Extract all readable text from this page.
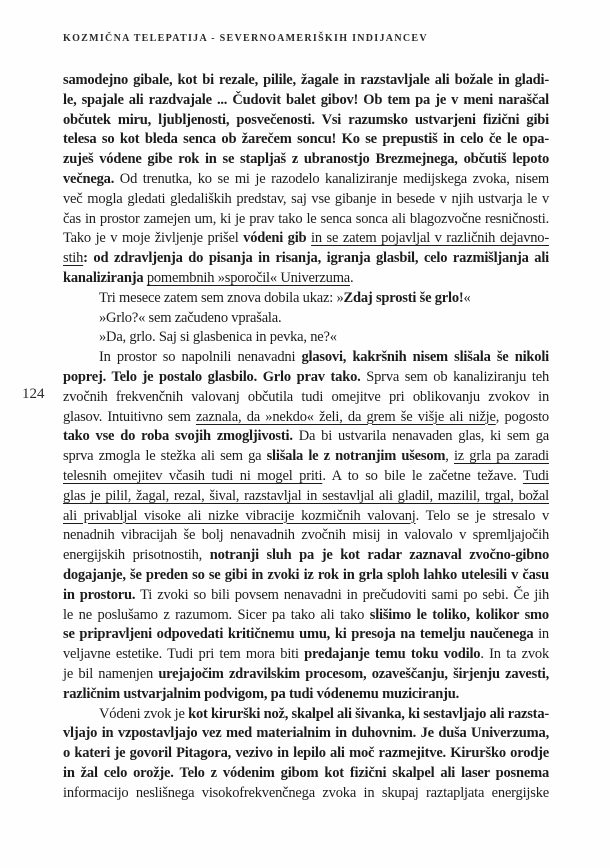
KOZMIČNA TELEPATIJA - SEVERNOAMERIŠKIH INDIJANCEV
124
samodejno gibale, kot bi rezale, pilile, žagale in razstavljale ali božale in gladi-
le, spajale ali razdvajale ... Čudovit balet gibov! Ob tem pa je v meni naraščal
občutek miru, ljubljenosti, posvečenosti. Vsi razumsko ustvarjeni fizični gibi
telesa so kot bleda senca ob žarečem soncu! Ko se prepustiš in celo če le opa-
zuješ vódene gibe rok in se stapljaš z ubranostjo Brezmejnega, občutiš lepoto
večnega. Od trenutka, ko se mi je razodelo kanaliziranje medijskega zvoka, nisem
več mogla gledati gledaliških predstav, saj vse gibanje in besede v njih ustvarja le v
čas in prostor zamejen um, ki je prav tako le senca sonca ali blagozvočne resničnosti.
Tako je v moje življenje prišel vódeni gib in se zatem pojavljal v različnih dejavno-
stih: od zdravljenja do pisanja in risanja, igranja glasbil, celo razmišljanja ali
kanaliziranja pomembnih »sporočil« Univerzuma.
Tri mesece zatem sem znova dobila ukaz: »Zdaj sprosti še grlo!«
»Grlo?« sem začudeno vprašala.
»Da, grlo. Saj si glasbenica in pevka, ne?«
In prostor so napolnili nenavadni glasovi, kakršnih nisem slišala še nikoli
poprej. Telo je postalo glasbilo. Grlo prav tako. Sprva sem ob kanaliziranju teh
zvočnih frekvenčnih valovanj občutila tudi omejitve pri oblikovanju zvokov in
glasov. Intuitivno sem zaznala, da »nekdo« želi, da grem še višje ali nižje, pogosto
tako vse do roba svojih zmogljivosti. Da bi ustvarila nenavaden glas, ki sem ga
sprva zmogla le stežka ali sem ga slišala le z notranjim ušesom, iz grla pa zaradi
telesnih omejitev včasih tudi ni mogel priti. A to so bile le začetne težave. Tudi
glas je pilil, žagal, rezal, šival, razstavljal in sestavljal ali gladil, mazilil, trgal, božal
ali privabljal visoke ali nizke vibracije kozmičnih valovanj. Telo se je stresalo v
nenadnih vibracijah še bolj nenavadnih zvočnih misij in valovalo v spremljajočih
energijskih prisotnostih, notranji sluh pa je kot radar zaznaval zvočno-gibno
dogajanje, še preden so se gibi in zvoki iz rok in grla sploh lahko utelesili v času
in prostoru. Ti zvoki so bili povsem nenavadni in prečudoviti sami po sebi. Če jih
le ne poslušamo z razumom. Sicer pa tako ali tako slišimo le toliko, kolikor smo
se pripravljeni odpovedati kritičnemu umu, ki presoja na temelju naučenega in
veljavne estetike. Tudi pri tem mora biti predajanje temu toku vodilo. In ta zvok
je bil namenjen urejajočim zdravilskim procesom, ozaveščanju, širjenju zavesti,
različnim ustvarjalnim podvigom, pa tudi vódenemu muziciranju.
Vódeni zvok je kot kirurški nož, skalpel ali šivanka, ki sestavljajo ali razsta-
vljajo in vzpostavljajo vez med materialnim in duhovnim. Je duša Univerzuma,
o kateri je govoril Pitagora, vezivo in lepilo ali moč razmejitve. Kirurško orodje
in žal celo orožje. Telo z vódenim gibom kot fizični skalpel ali laser posnema
informacijo neslišnega visokofrekvenčnega zvoka in skupaj raztapljata energijske
